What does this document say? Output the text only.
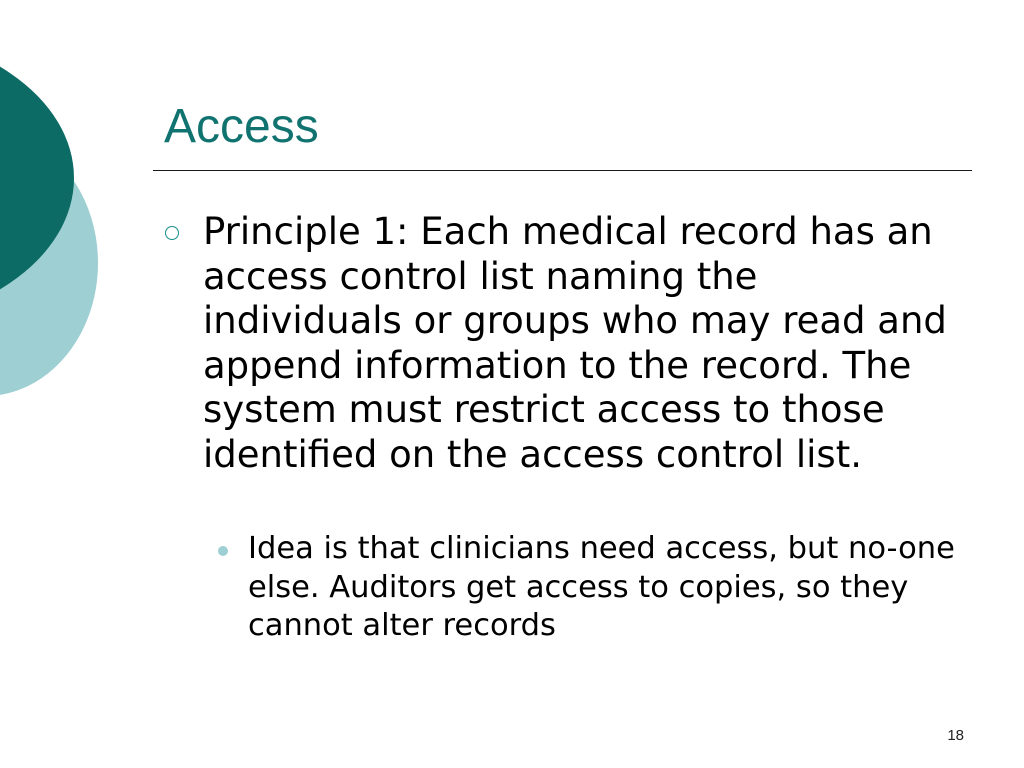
Access

Principle 1: Each medical record has an access control list naming the individuals or groups who may read and append information to the record. The system must restrict access to those identified on the access control list.

Idea is that clinicians need access, but no-one else. Auditors get access to copies, so they cannot alter records

18
